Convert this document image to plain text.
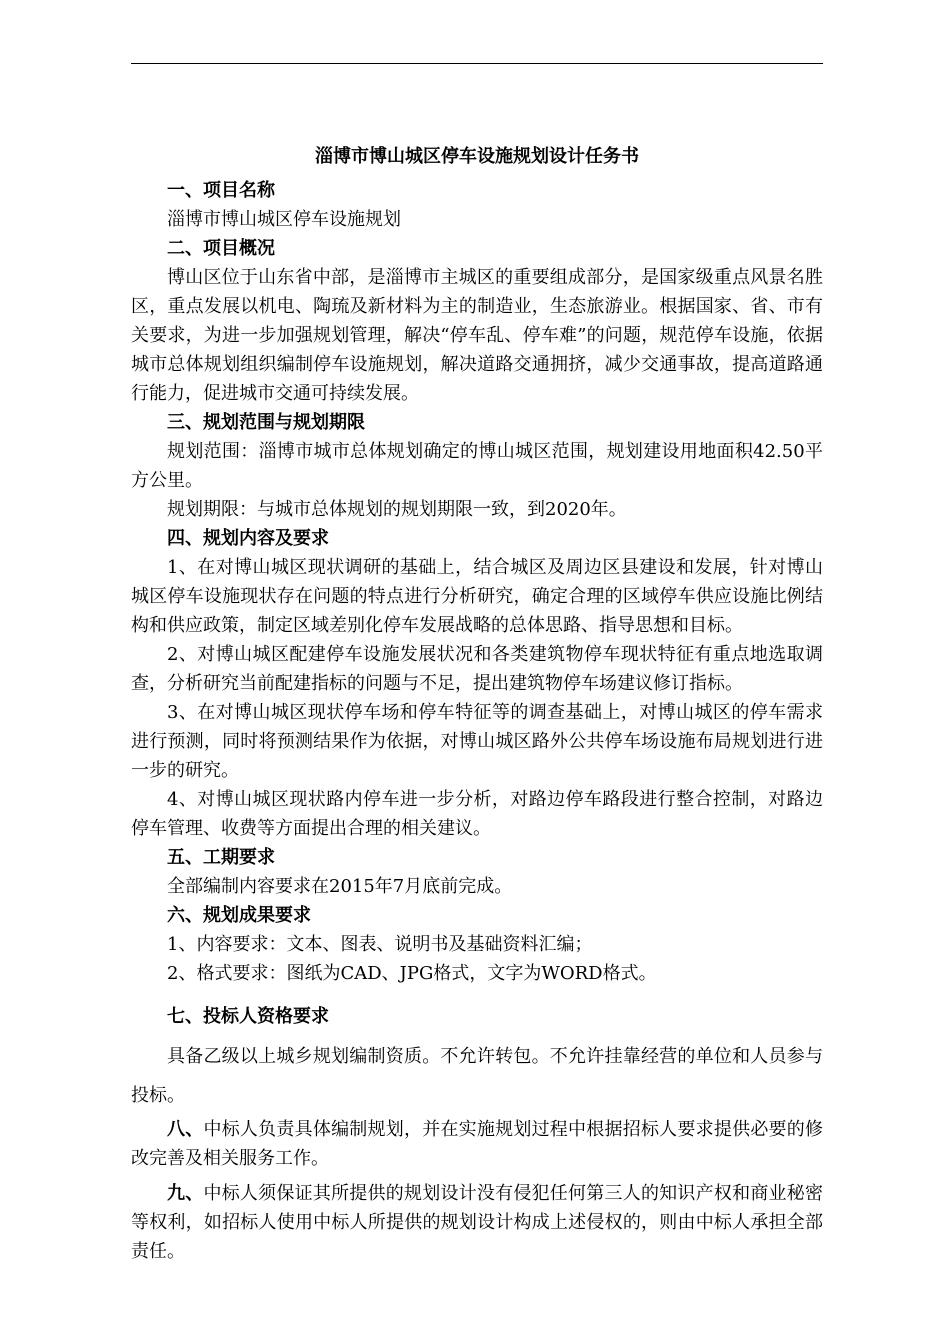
淄博市博山城区停车设施规划设计任务书
一、项目名称
淄博市博山城区停车设施规划
二、项目概况
博山区位于山东省中部，是淄博市主城区的重要组成部分，是国家级重点风景名胜区，重点发展以机电、陶琉及新材料为主的制造业，生态旅游业。根据国家、省、市有关要求，为进一步加强规划管理，解决“停车乱、停车难”的问题，规范停车设施，依据城市总体规划组织编制停车设施规划，解决道路交通拥挤，减少交通事故，提高道路通行能力，促进城市交通可持续发展。
三、规划范围与规划期限
规划范围：淄博市城市总体规划确定的博山城区范围，规划建设用地面积42.50平方公里。
规划期限：与城市总体规划的规划期限一致，到2020年。
四、规划内容及要求
1、在对博山城区现状调研的基础上，结合城区及周边区县建设和发展，针对博山城区停车设施现状存在问题的特点进行分析研究，确定合理的区域停车供应设施比例结构和供应政策，制定区域差别化停车发展战略的总体思路、指导思想和目标。
2、对博山城区配建停车设施发展状况和各类建筑物停车现状特征有重点地选取调查，分析研究当前配建指标的问题与不足，提出建筑物停车场建议修订指标。
3、在对博山城区现状停车场和停车特征等的调查基础上，对博山城区的停车需求进行预测，同时将预测结果作为依据，对博山城区路外公共停车场设施布局规划进行进一步的研究。
4、对博山城区现状路内停车进一步分析，对路边停车路段进行整合控制，对路边停车管理、收费等方面提出合理的相关建议。
五、工期要求
全部编制内容要求在2015年7月底前完成。
六、规划成果要求
1、内容要求：文本、图表、说明书及基础资料汇编；
2、格式要求：图纸为CAD、JPG格式，文字为WORD格式。
七、投标人资格要求
具备乙级以上城乡规划编制资质。不允许转包。不允许挂靠经营的单位和人员参与投标。
八、中标人负责具体编制规划，并在实施规划过程中根据招标人要求提供必要的修改完善及相关服务工作。
九、中标人须保证其所提供的规划设计没有侵犯任何第三人的知识产权和商业秘密等权利，如招标人使用中标人所提供的规划设计构成上述侵权的，则由中标人承担全部责任。
